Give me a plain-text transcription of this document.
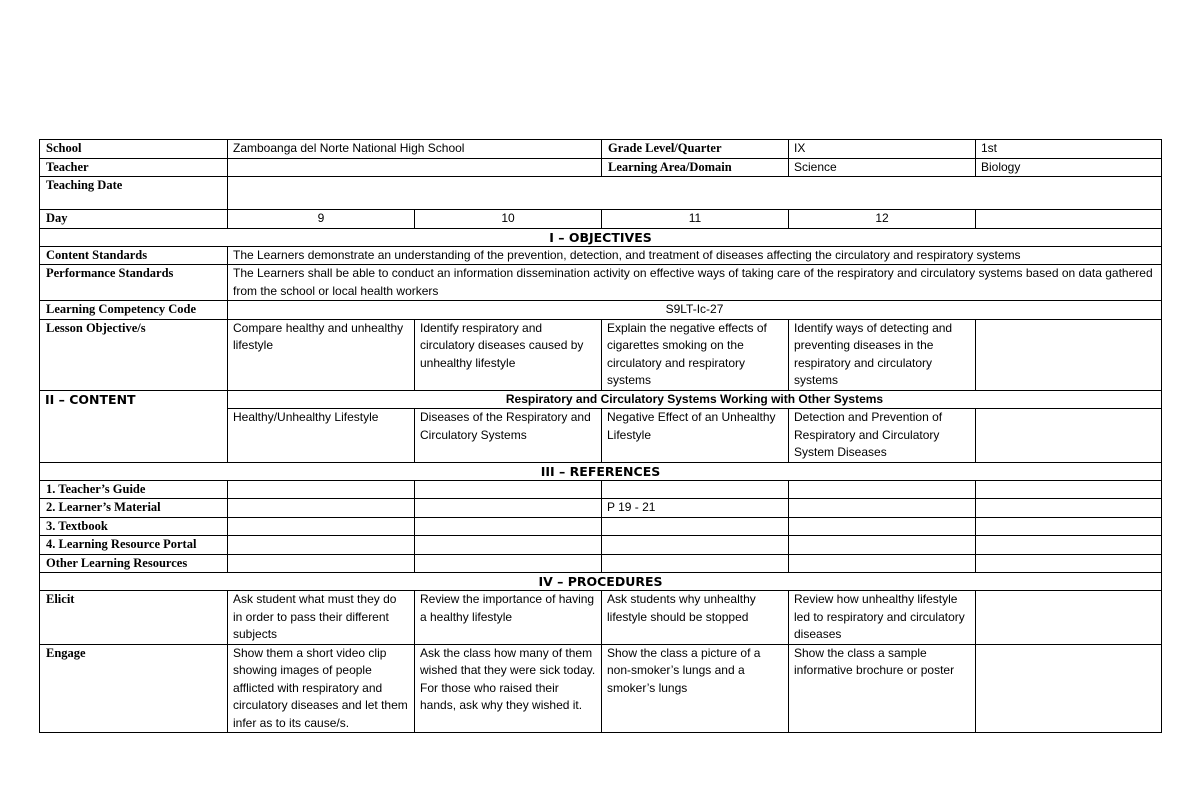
School	Zamboanga del Norte National High School		Grade Level/Quarter	IX	1st
Teacher			Learning Area/Domain	Science	Biology
Teaching Date					
Day	9	10	11	12	
I – OBJECTIVES					
Content Standards	The Learners demonstrate an understanding of the prevention, detection, and treatment of diseases affecting the circulatory and respiratory systems				
Performance Standards	The Learners shall be able to conduct an information dissemination activity on effective ways of taking care of the respiratory and circulatory systems based on data gathered from the school or local health workers				
Learning Competency Code	S9LT-Ic-27				
Lesson Objective/s	Compare healthy and unhealthy lifestyle	Identify respiratory and circulatory diseases caused by unhealthy lifestyle	Explain the negative effects of cigarettes smoking on the circulatory and respiratory systems	Identify ways of detecting and preventing diseases in the respiratory and circulatory systems	
II – CONTENT	Respiratory and Circulatory Systems Working with Other Systems				
	Healthy/Unhealthy Lifestyle	Diseases of the Respiratory and Circulatory Systems	Negative Effect of an Unhealthy Lifestyle	Detection and Prevention of Respiratory and Circulatory System Diseases	
III – REFERENCES					
1. Teacher’s Guide					
2. Learner’s Material			P 19 - 21		
3. Textbook					
4. Learning Resource Portal					
Other Learning Resources					
IV – PROCEDURES					
Elicit	Ask student what must they do in order to pass their different subjects	Review the importance of having a healthy lifestyle	Ask students why unhealthy lifestyle should be stopped	Review how unhealthy lifestyle led to respiratory and circulatory diseases	
Engage	Show them a short video clip showing images of people afflicted with respiratory and circulatory diseases and let them infer as to its cause/s.	Ask the class how many of them wished that they were sick today. For those who raised their hands, ask why they wished it.	Show the class a picture of a non-smoker’s lungs and a smoker’s lungs	Show the class a sample informative brochure or poster	
